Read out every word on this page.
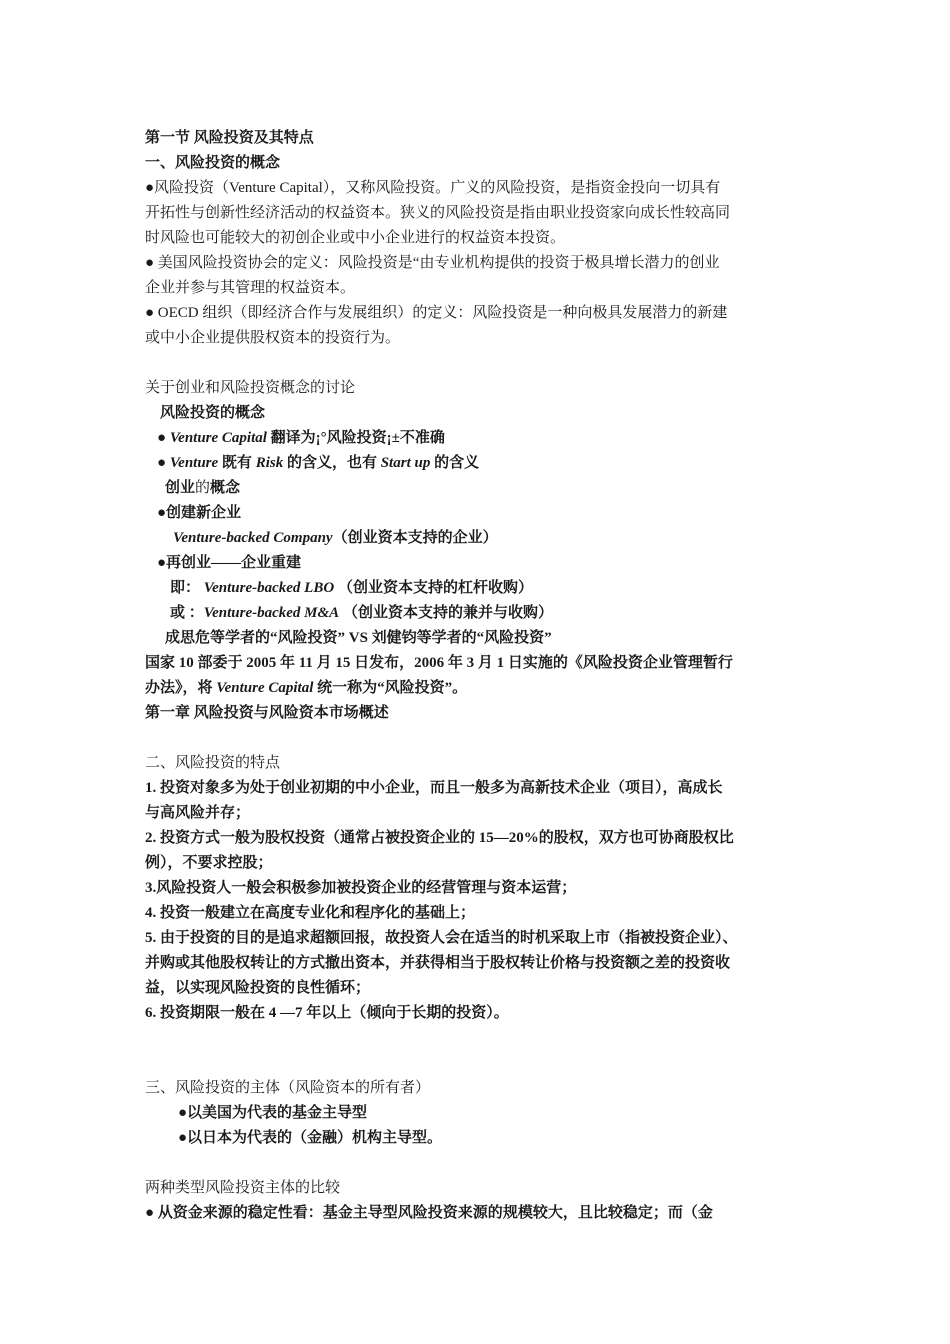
第一节 风险投资及其特点
一、风险投资的概念
●风险投资（Venture Capital），又称风险投资。广义的风险投资，是指资金投向一切具有
开拓性与创新性经济活动的权益资本。狭义的风险投资是指由职业投资家向成长性较高同
时风险也可能较大的初创企业或中小企业进行的权益资本投资。
● 美国风险投资协会的定义：风险投资是“由专业机构提供的投资于极具增长潜力的创业
企业并参与其管理的权益资本。
● OECD 组织（即经济合作与发展组织）的定义：风险投资是一种向极具发展潜力的新建
或中小企业提供股权资本的投资行为。
关于创业和风险投资概念的讨论
风险投资的概念
● Venture Capital 翻译为¡°风险投资¡±不准确
● Venture 既有 Risk 的含义，也有 Start up 的含义
创业的概念
●创建新企业
Venture-backed Company（创业资本支持的企业）
●再创业——企业重建
即： Venture-backed LBO （创业资本支持的杠杆收购）
或 ：Venture-backed M&A （创业资本支持的兼并与收购）
成思危等学者的“风险投资” VS 刘健钧等学者的“风险投资”
国家 10 部委于 2005 年 11 月 15 日发布，2006 年 3 月 1 日实施的《风险投资企业管理暂行
办法》，将 Venture Capital 统一称为“风险投资”。
第一章 风险投资与风险资本市场概述
二、风险投资的特点
1. 投资对象多为处于创业初期的中小企业，而且一般多为高新技术企业（项目），高成长
与高风险并存；
2. 投资方式一般为股权投资（通常占被投资企业的 15—20%的股权，双方也可协商股权比
例），不要求控股；
3.风险投资人一般会积极参加被投资企业的经营管理与资本运营；
4. 投资一般建立在高度专业化和程序化的基础上；
5. 由于投资的目的是追求超额回报，故投资人会在适当的时机采取上市（指被投资企业）、
并购或其他股权转让的方式撤出资本，并获得相当于股权转让价格与投资额之差的投资收
益，以实现风险投资的良性循环；
6. 投资期限一般在 4 —7 年以上（倾向于长期的投资）。
三、风险投资的主体（风险资本的所有者）
●以美国为代表的基金主导型
●以日本为代表的（金融）机构主导型。
两种类型风险投资主体的比较
● 从资金来源的稳定性看：基金主导型风险投资来源的规模较大，且比较稳定；而（金
